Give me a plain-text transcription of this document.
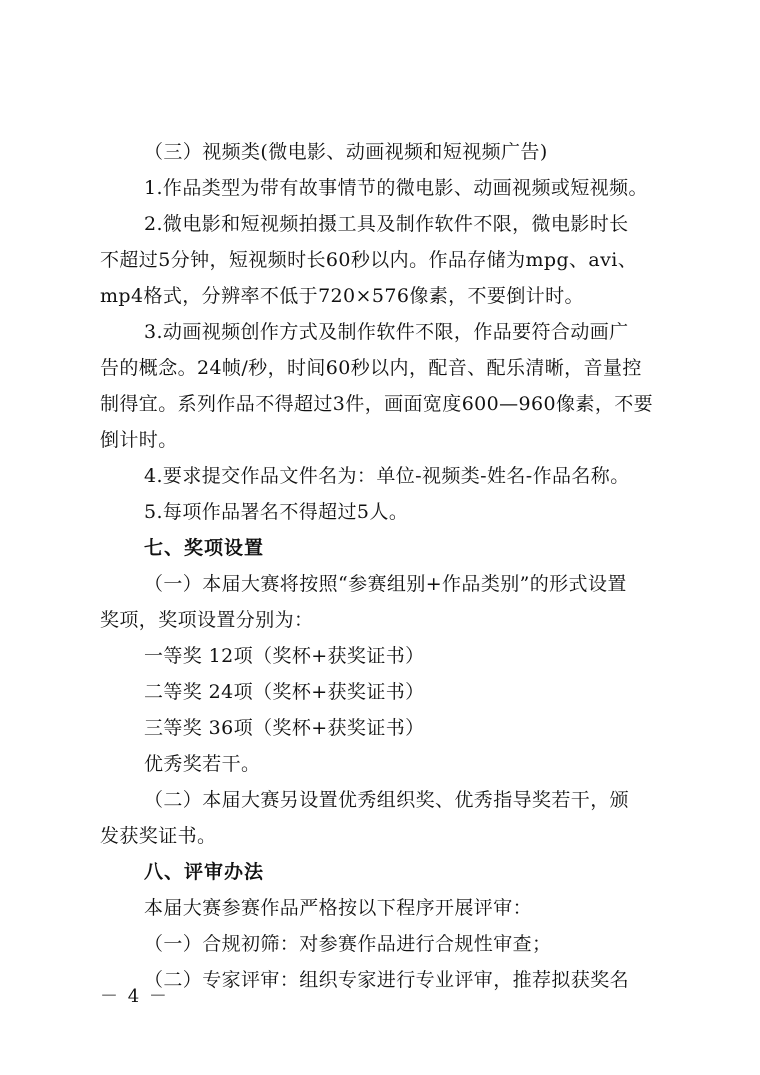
（三）视频类(微电影、动画视频和短视频广告)
1.作品类型为带有故事情节的微电影、动画视频或短视频。
2.微电影和短视频拍摄工具及制作软件不限，微电影时长
不超过5分钟，短视频时长60秒以内。作品存储为mpg、avi、
mp4格式，分辨率不低于720×576像素，不要倒计时。
3.动画视频创作方式及制作软件不限，作品要符合动画广
告的概念。24帧/秒，时间60秒以内，配音、配乐清晰，音量控
制得宜。系列作品不得超过3件，画面宽度600—960像素，不要
倒计时。
4.要求提交作品文件名为：单位-视频类-姓名-作品名称。
5.每项作品署名不得超过5人。
七、奖项设置
（一）本届大赛将按照“参赛组别+作品类别”的形式设置
奖项，奖项设置分别为：
一等奖 12项（奖杯+获奖证书）
二等奖 24项（奖杯+获奖证书）
三等奖 36项（奖杯+获奖证书）
优秀奖若干。
（二）本届大赛另设置优秀组织奖、优秀指导奖若干，颁
发获奖证书。
八、评审办法
本届大赛参赛作品严格按以下程序开展评审：
（一）合规初筛：对参赛作品进行合规性审查；
（二）专家评审：组织专家进行专业评审，推荐拟获奖名
－ 4 －
